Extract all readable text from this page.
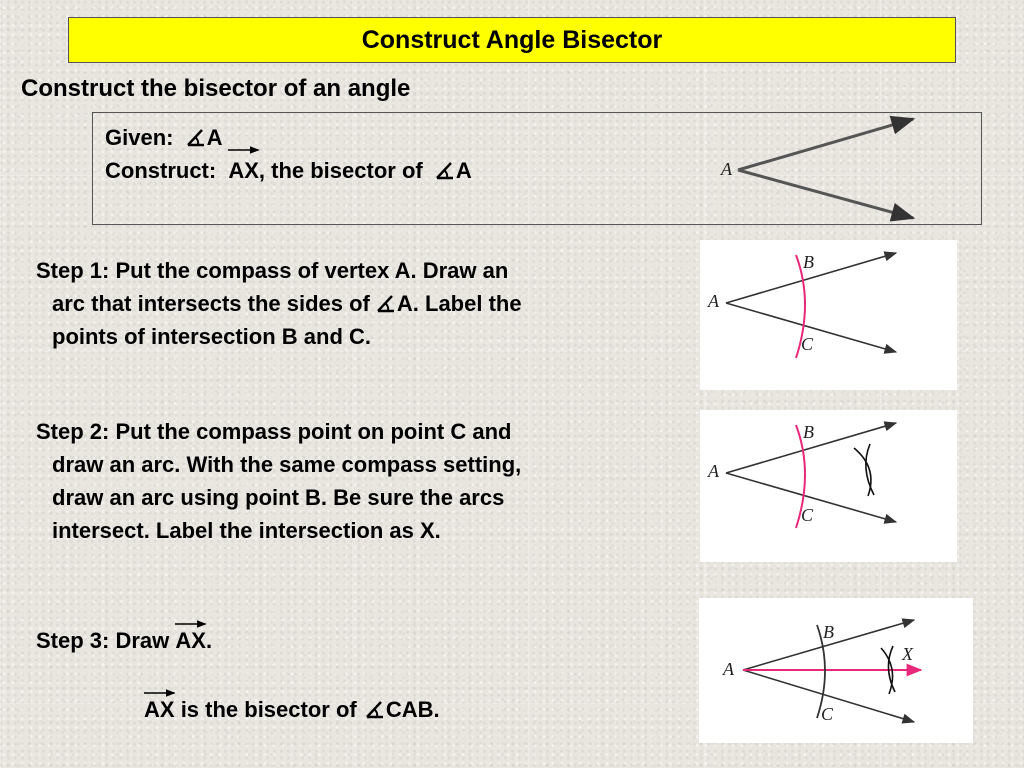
Construct Angle Bisector
Construct the bisector of an angle
Given: A
Construct: AX, the bisector of A	A
Step 1: Put the compass of vertex A. Draw an
arc that intersects the sides of A. Label the
points of intersection B and C.
A
B
C
Step 2: Put the compass point on point C and
draw an arc. With the same compass setting,
draw an arc using point B. Be sure the arcs
intersect. Label the intersection as X.
A
B
C
Step 3: Draw AX.
AX is the bisector of CAB.
A
B
C
X
